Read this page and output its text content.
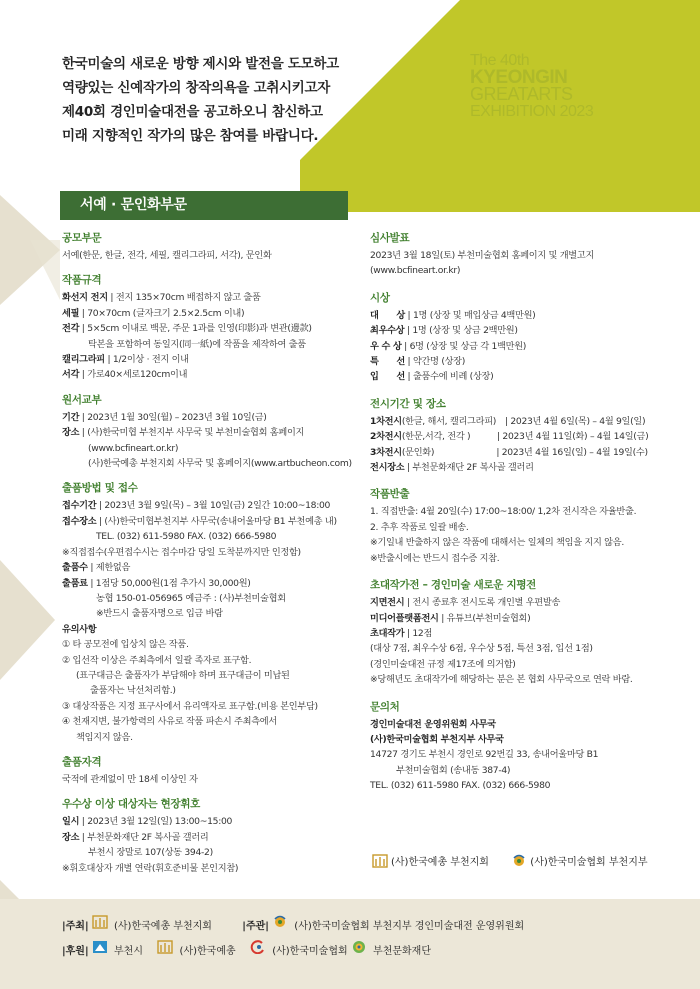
한국미술의 새로운 방향 제시와 발전을 도모하고
역량있는 신예작가의 창작의욕을 고취시키고자
제40회 경인미술대전을 공고하오니 참신하고
미래 지향적인 작가의 많은 참여를 바랍니다.
The 40th
KYEONGIN
GREATARTS
EXHIBITION 2023
서예 · 문인화부문
공모부문
서예(한문, 한글, 전각, 세필, 캘리그라피, 서각), 문인화
작품규격
화선지 전지 | 전지 135×70cm 배접하지 않고 출품
세필 | 70×70cm (글자크기 2.5×2.5cm 이내)
전각 | 5×5cm 이내로 백문, 주문 1과를 인영(印影)과 변관(邊款)
탁본을 포함하여 동일지(同一紙)에 작품을 제작하여 출품
캘리그라피 | 1/2이상 · 전지 이내
서각 | 가로40×세로120cm이내
원서교부
기간 | 2023년 1월 30일(월) – 2023년 3월 10일(금)
장소 | (사)한국미협 부천지부 사무국 및 부천미술협회 홈페이지
(www.bcfineart.or.kr)
(사)한국예총 부천지회 사무국 및 홈페이지(www.artbucheon.com)
출품방법 및 접수
접수기간 | 2023년 3월 9일(목) – 3월 10일(금) 2일간 10:00~18:00
접수장소 | (사)한국미협부천지부 사무국(송내어울마당 B1 부천예총 내)
TEL. (032) 611-5980 FAX. (032) 666-5980
※직접접수(우편접수시는 접수마감 당일 도착분까지만 인정함)
출품수 | 제한없음
출품료 | 1점당 50,000원(1점 추가시 30,000원)
농협 150-01-056965 예금주 : (사)부천미술협회
※반드시 출품자명으로 입금 바람
유의사항
① 타 공모전에 입상치 않은 작품.
② 입선작 이상은 주최측에서 일괄 족자로 표구함.
(표구대금은 출품자가 부담해야 하며 표구대금이 미납된
출품자는 낙선처리함.)
③ 대상작품은 지정 표구사에서 유리액자로 표구함.(비용 본인부담)
④ 천재지변, 불가항력의 사유로 작품 파손시 주최측에서
책임지지 않음.
출품자격
국적에 관계없이 만 18세 이상인 자
우수상 이상 대상자는 현장휘호
일시 | 2023년 3월 12일(일) 13:00~15:00
장소 | 부천문화재단 2F 복사골 갤러리
부천시 장말로 107(상동 394-2)
※휘호대상자 개별 연락(휘호준비물 본인지참)
심사발표
2023년 3월 18일(토) 부천미술협회 홈페이지 및 개별고지
(www.bcfineart.or.kr)
시상
대　　상 | 1명 (상장 및 매입상금 4백만원)
최우수상 | 1명 (상장 및 상금 2백만원)
우 수 상 | 6명 (상장 및 상금 각 1백만원)
특　　선 | 약간명 (상장)
입　　선 | 출품수에 비례 (상장)
전시기간 및 장소
1차전시(한글, 해서, 캘리그라피)　| 2023년 4월 6일(목) – 4월 9일(일)
2차전시(한문,서각, 전각 )　　　| 2023년 4월 11일(화) – 4월 14일(금)
3차전시(문인화)　　　　　　　| 2023년 4월 16일(일) – 4월 19일(수)
전시장소 | 부천문화재단 2F 복사골 갤러리
작품반출
1. 직접반출: 4월 20일(수) 17:00~18:00/ 1,2차 전시작은 자율반출.
2. 추후 작품로 일괄 배송.
※기일내 반출하지 않은 작품에 대해서는 일체의 책임을 지지 않음.
※반출시에는 반드시 접수증 지참.
초대작가전 – 경인미술 새로운 지평전
지면전시 | 전시 종료후 전시도록 개인별 우편발송
미디어플랫폼전시 | 유튜브(부천미술협회)
초대작가 | 12점
(대상 7점, 최우수상 6점, 우수상 5점, 특선 3점, 입선 1점)
(경인미술대전 규정 제17조에 의거함)
※당해년도 초대작가에 해당하는 분은 본 협회 사무국으로 연락 바람.
문의처
경인미술대전 운영위원회 사무국
(사)한국미술협회 부천지부 사무국
14727 경기도 부천시 경인로 92번길 33, 송내어울마당 B1
부천미술협회 (송내동 387-4)
TEL. (032) 611-5980 FAX. (032) 666-5980
(사)한국예총 부천지회	(사)한국미술협회 부천지부
|주최|	(사)한국예총 부천지회	|주관|	(사)한국미술협회 부천지부 경인미술대전 운영위원회
|후원|	부천시	(사)한국예총	(사)한국미술협회	부천문화재단
